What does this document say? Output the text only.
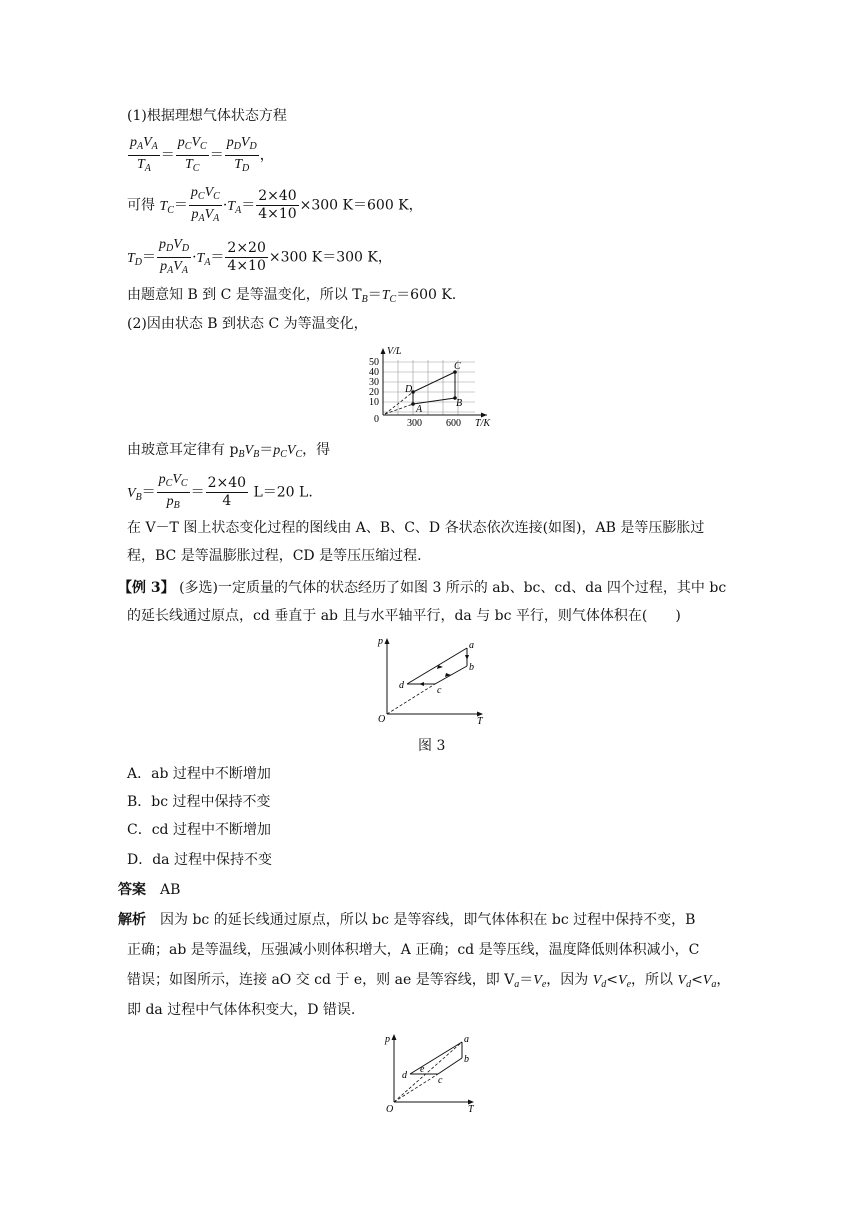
(1)根据理想气体状态方程
$\frac{p_AV_A}{T_A} = \frac{p_CV_C}{T_C} = \frac{p_DV_D}{T_D}$ ，
可得 $T_C= \frac{p_CV_C}{p_AV_A} \cdot T_A= \frac{2\times 40}{4\times 10} \times 300$ K＝600 K，
$T_D= \frac{p_DV_D}{p_AV_A} \cdot T_A= \frac{2\times 20}{4\times 10} \times 300$ K＝300 K，
由题意知 B 到 C 是等温变化，所以 $T_B=T_C=600$ K.
(2)因由状态 B 到状态 C 为等温变化，
50
40
30
20
10
0	300 600
V/L
T/K
A
B
C
D
由玻意耳定律有 $p_BV_B=p_CV_C$，得
$V_B= \frac{p_CV_C}{p_B} = \frac{2\times 40}{4} L=20$ L.
在 V－T 图上状态变化过程的图线由 A、B、C、D 各状态依次连接(如图)，AB 是等压膨胀过
程，BC 是等温膨胀过程，CD 是等压压缩过程.
【例 3】 (多选)一定质量的气体的状态经历了如图 3 所示的 ab、bc、cd、da 四个过程，其中 bc
的延长线通过原点，cd 垂直于 ab 且与水平轴平行，da 与 bc 平行，则气体体积在(　　)
p
T
O
a
b
c
d
图 3
A．ab 过程中不断增加
B．bc 过程中保持不变
C．cd 过程中不断增加
D．da 过程中保持不变
答案　 AB
解析　 因为 bc 的延长线通过原点，所以 bc 是等容线，即气体体积在 bc 过程中保持不变，B
正确；ab 是等温线，压强减小则体积增大，A 正确；cd 是等压线，温度降低则体积减小，C
错误；如图所示，连接 aO 交 cd 于 e，则 ae 是等容线，即 $V_a=V_e$，因为 $V_d<V_e$，所以 $V_d<V_a$，
即 da 过程中气体体积变大，D 错误.
p
T
O
a
b
c
d
e
